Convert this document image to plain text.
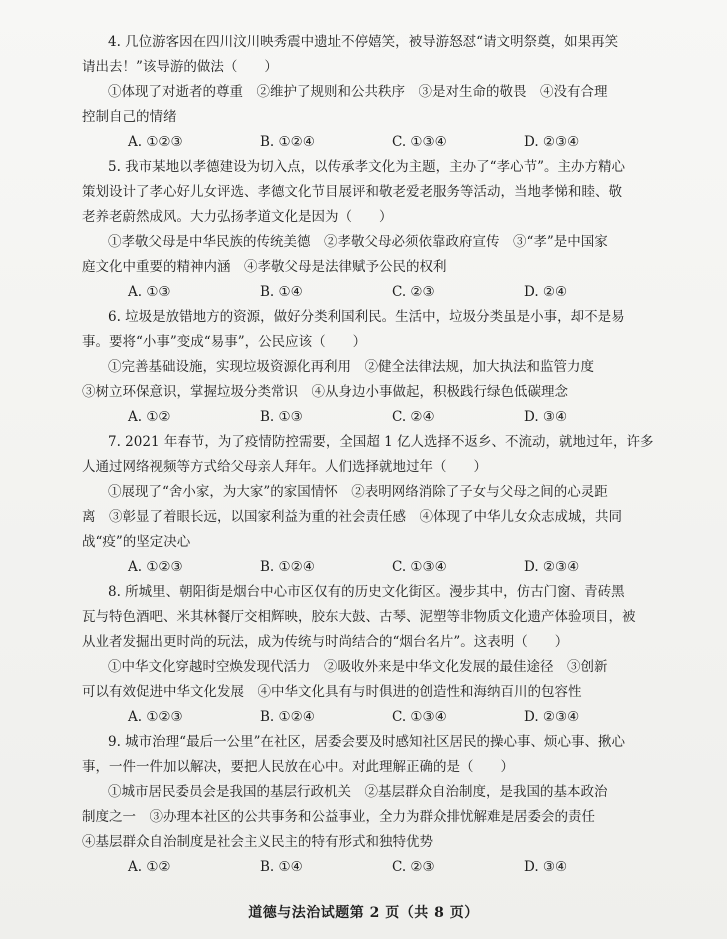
4. 几位游客因在四川汶川映秀震中遗址不停嬉笑，被导游怒怼“请文明祭奠，如果再笑
请出去！”该导游的做法（　　）
①体现了对逝者的尊重　②维护了规则和公共秩序　③是对生命的敬畏　④没有合理
控制自己的情绪
A. ①②③	B. ①②④	C. ①③④	D. ②③④
5. 我市某地以孝德建设为切入点，以传承孝文化为主题，主办了“孝心节”。主办方精心
策划设计了孝心好儿女评选、孝德文化节目展评和敬老爱老服务等活动，当地孝悌和睦、敬
老养老蔚然成风。大力弘扬孝道文化是因为（　　）
①孝敬父母是中华民族的传统美德　②孝敬父母必须依靠政府宣传　③“孝”是中国家
庭文化中重要的精神内涵　④孝敬父母是法律赋予公民的权利
A. ①③	B. ①④	C. ②③	D. ②④
6. 垃圾是放错地方的资源，做好分类利国利民。生活中，垃圾分类虽是小事，却不是易
事。要将“小事”变成“易事”，公民应该（　　）
①完善基础设施，实现垃圾资源化再利用　②健全法律法规，加大执法和监管力度
③树立环保意识，掌握垃圾分类常识　④从身边小事做起，积极践行绿色低碳理念
A. ①②	B. ①③	C. ②④	D. ③④
7. 2021 年春节，为了疫情防控需要，全国超 1 亿人选择不返乡、不流动，就地过年，许多
人通过网络视频等方式给父母亲人拜年。人们选择就地过年（　　）
①展现了“舍小家，为大家”的家国情怀　②表明网络消除了子女与父母之间的心灵距
离　③彰显了着眼长远，以国家利益为重的社会责任感　④体现了中华儿女众志成城，共同
战“疫”的坚定决心
A. ①②③	B. ①②④	C. ①③④	D. ②③④
8. 所城里、朝阳街是烟台中心市区仅有的历史文化街区。漫步其中，仿古门窗、青砖黑
瓦与特色酒吧、米其林餐厅交相辉映，胶东大鼓、古琴、泥塑等非物质文化遗产体验项目，被
从业者发掘出更时尚的玩法，成为传统与时尚结合的“烟台名片”。这表明（　　）
①中华文化穿越时空焕发现代活力　②吸收外来是中华文化发展的最佳途径　③创新
可以有效促进中华文化发展　④中华文化具有与时俱进的创造性和海纳百川的包容性
A. ①②③	B. ①②④	C. ①③④	D. ②③④
9. 城市治理“最后一公里”在社区，居委会要及时感知社区居民的操心事、烦心事、揪心
事，一件一件加以解决，要把人民放在心中。对此理解正确的是（　　）
①城市居民委员会是我国的基层行政机关　②基层群众自治制度，是我国的基本政治
制度之一　③办理本社区的公共事务和公益事业，全力为群众排忧解难是居委会的责任
④基层群众自治制度是社会主义民主的特有形式和独特优势
A. ①②	B. ①④	C. ②③	D. ③④
道德与法治试题第 2 页（共 8 页）
